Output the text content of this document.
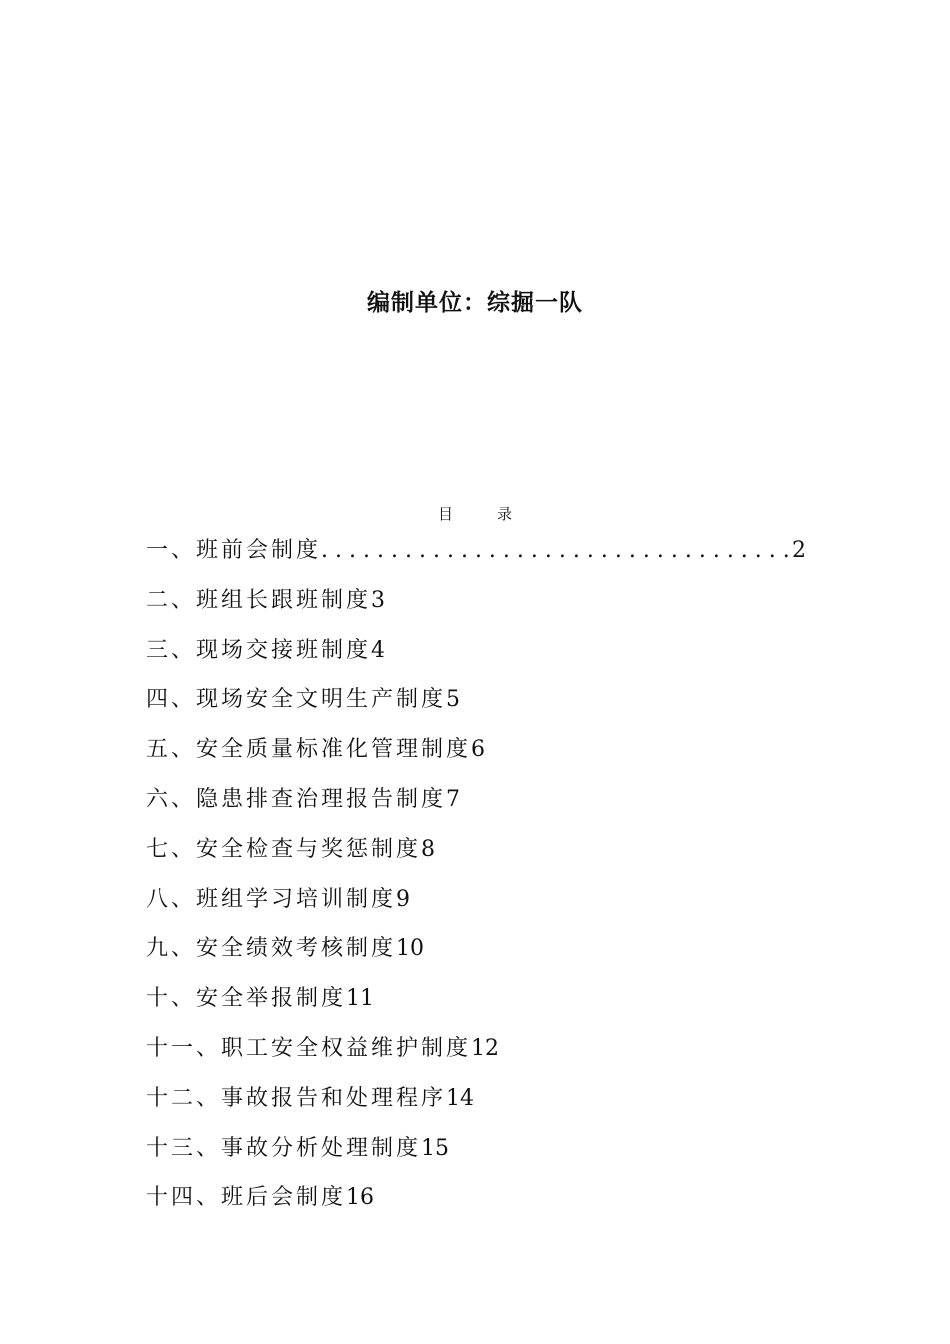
编制单位：综掘一队
目	录
一、班前会制度
.....	2
二、班组长跟班制度3
三、现场交接班制度4
四、现场安全文明生产制度5
五、安全质量标准化管理制度6
六、隐患排查治理报告制度7
七、安全检查与奖惩制度8
八、班组学习培训制度9
九、安全绩效考核制度10
十、安全举报制度11
十一、职工安全权益维护制度12
十二、事故报告和处理程序14
十三、事故分析处理制度15
十四、班后会制度16
